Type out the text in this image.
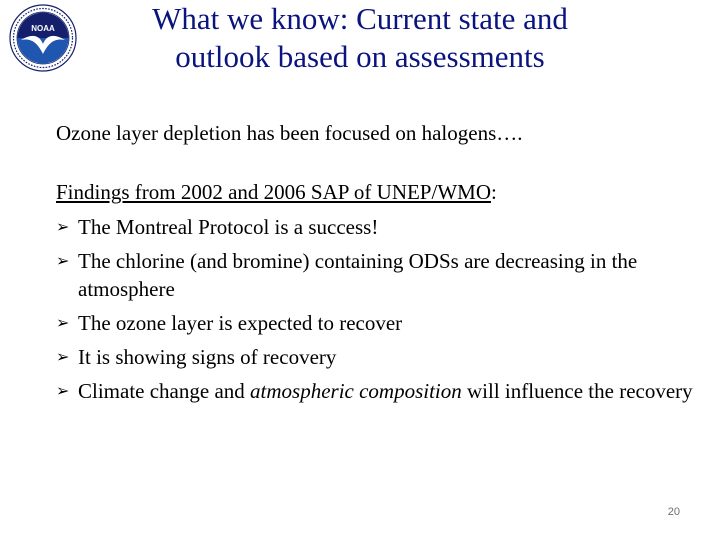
NOAA	What we know: Current state and
outlook based on assessments
Ozone layer depletion has been focused on halogens….
Findings from 2002 and 2006 SAP of UNEP/WMO:
➢ The Montreal Protocol is a success!
➢ The chlorine (and bromine) containing ODSs are decreasing in the atmosphere
➢ The ozone layer is expected to recover
➢ It is showing signs of recovery
➢ Climate change and atmospheric composition will influence the recovery
20
